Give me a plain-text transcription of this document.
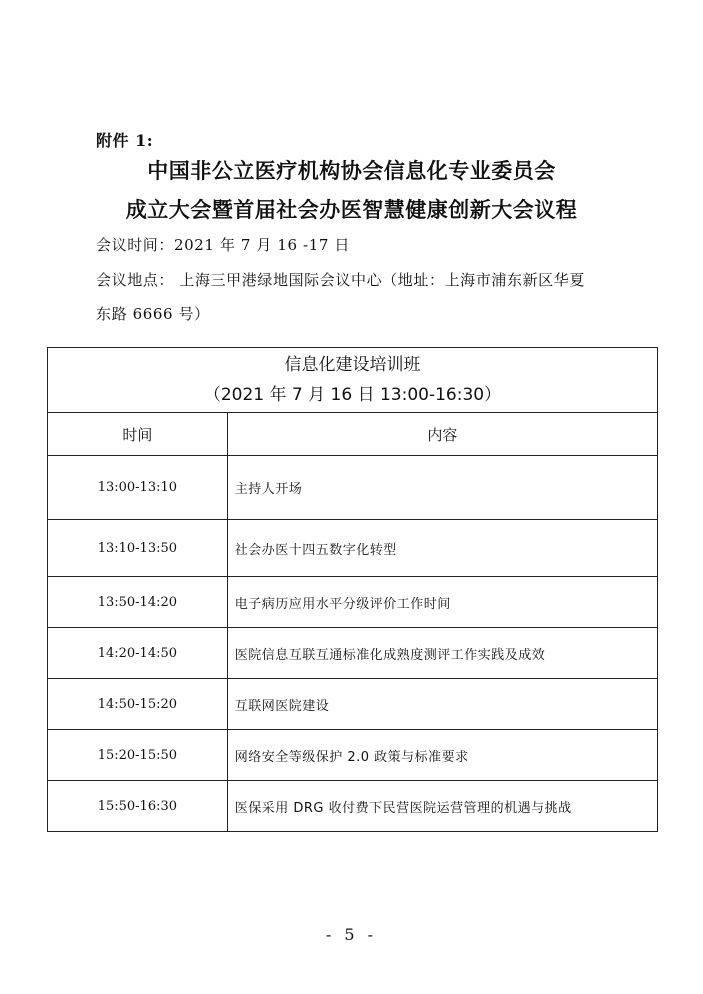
附件 1:
中国非公立医疗机构协会信息化专业委员会
成立大会暨首届社会办医智慧健康创新大会议程
会议时间：2021 年 7 月 16 -17 日
会议地点： 上海三甲港绿地国际会议中心（地址：上海市浦东新区华夏
东路 6666 号）
信息化建设培训班
（2021 年 7 月 16 日 13:00-16:30）	

时间	内容
13:00-13:10	主持人开场
13:10-13:50	社会办医十四五数字化转型
13:50-14:20	电子病历应用水平分级评价工作时间
14:20-14:50	医院信息互联互通标准化成熟度测评工作实践及成效
14:50-15:20	互联网医院建设
15:20-15:50	网络安全等级保护 2.0 政策与标准要求
15:50-16:30	医保采用 DRG 收付费下民营医院运营管理的机遇与挑战
- 5 -
